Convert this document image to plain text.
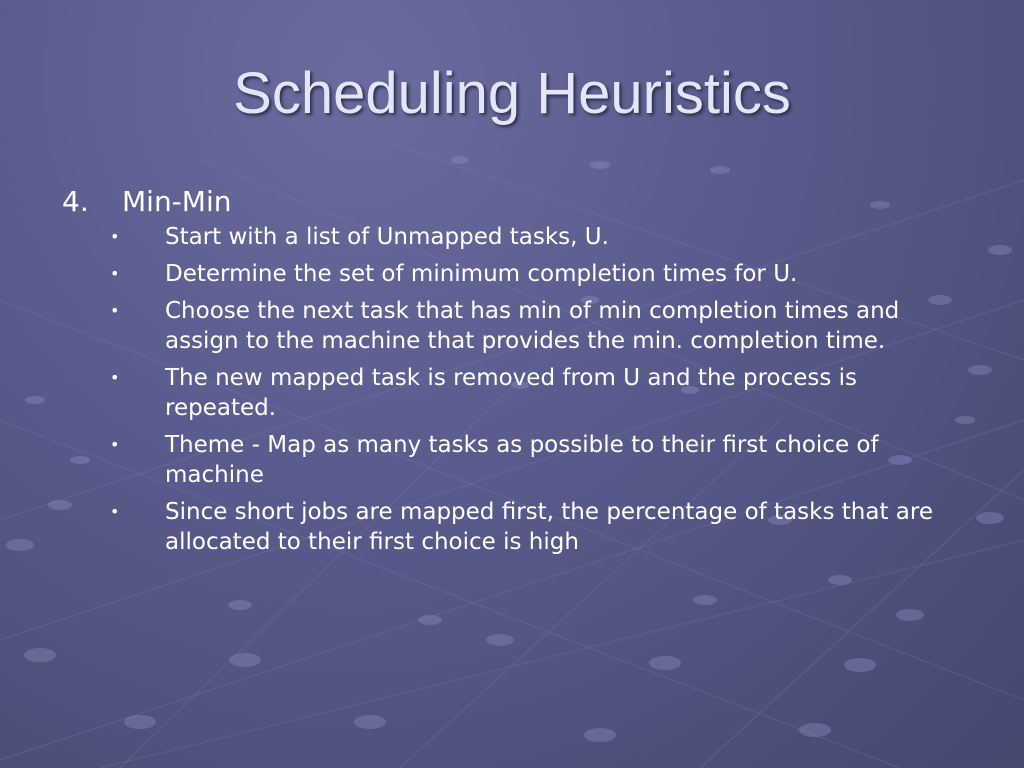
Scheduling Heuristics
4.	Min-Min
•	Start with a list of Unmapped tasks, U.
•	Determine the set of minimum completion times for U.
•	Choose the next task that has min of min completion times and assign to the machine that provides the min. completion time.
•	The new mapped task is removed from U and the process is repeated.
•	Theme - Map as many tasks as possible to their first choice of machine
•	Since short jobs are mapped first, the percentage of tasks that are allocated to their first choice is high
